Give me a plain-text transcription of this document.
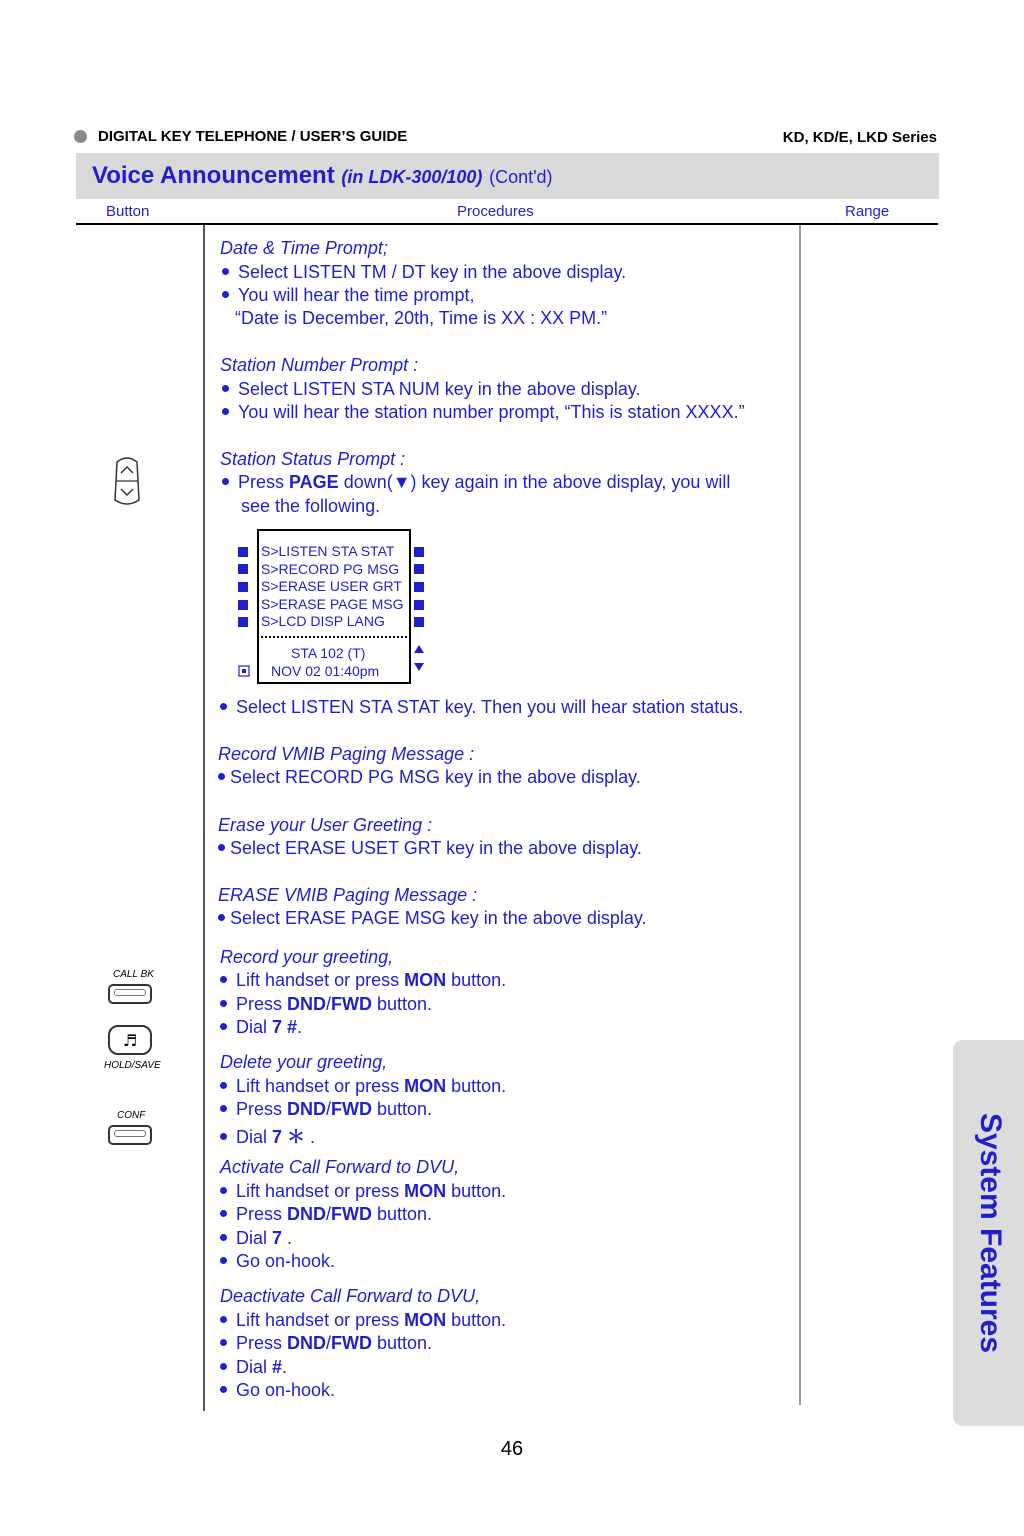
DIGITAL KEY TELEPHONE / USER’S GUIDE	KD, KD/E, LKD Series
Voice Announcement (in LDK-300/100) (Cont'd)
Button	Procedures	Range
CALL BK
♬
HOLD/SAVE
CONF
Date & Time Prompt;
Select LISTEN TM / DT key in the above display.
You will hear the time prompt,
“Date is December, 20th, Time is XX : XX PM.”
Station Number Prompt :
Select LISTEN STA NUM key in the above display.
You will hear the station number prompt, “This is station XXXX.”
Station Status Prompt :
Press PAGE down(▼) key again in the above display, you will
see the following.
Select LISTEN STA STAT key. Then you will hear station status.
Record VMIB Paging Message :
Select RECORD PG MSG key in the above display.
Erase your User Greeting :
Select ERASE USET GRT key in the above display.
ERASE VMIB Paging Message :
Select ERASE PAGE MSG key in the above display.
Record your greeting,
Lift handset or press MON button.
Press DND/FWD button.
Dial 7 #.
Delete your greeting,
Lift handset or press MON button.
Press DND/FWD button.
Dial 7 ＊ .
Activate Call Forward to DVU,
Lift handset or press MON button.
Press DND/FWD button.
Dial 7 .
Go on-hook.
Deactivate Call Forward to DVU,
Lift handset or press MON button.
Press DND/FWD button.
Dial #.
Go on-hook.
S>LISTEN STA STAT
S>RECORD PG MSG
S>ERASE USER GRT
S>ERASE PAGE MSG
S>LCD DISP LANG
STA 102 (T)
NOV 02 01:40pm
System Features
46
